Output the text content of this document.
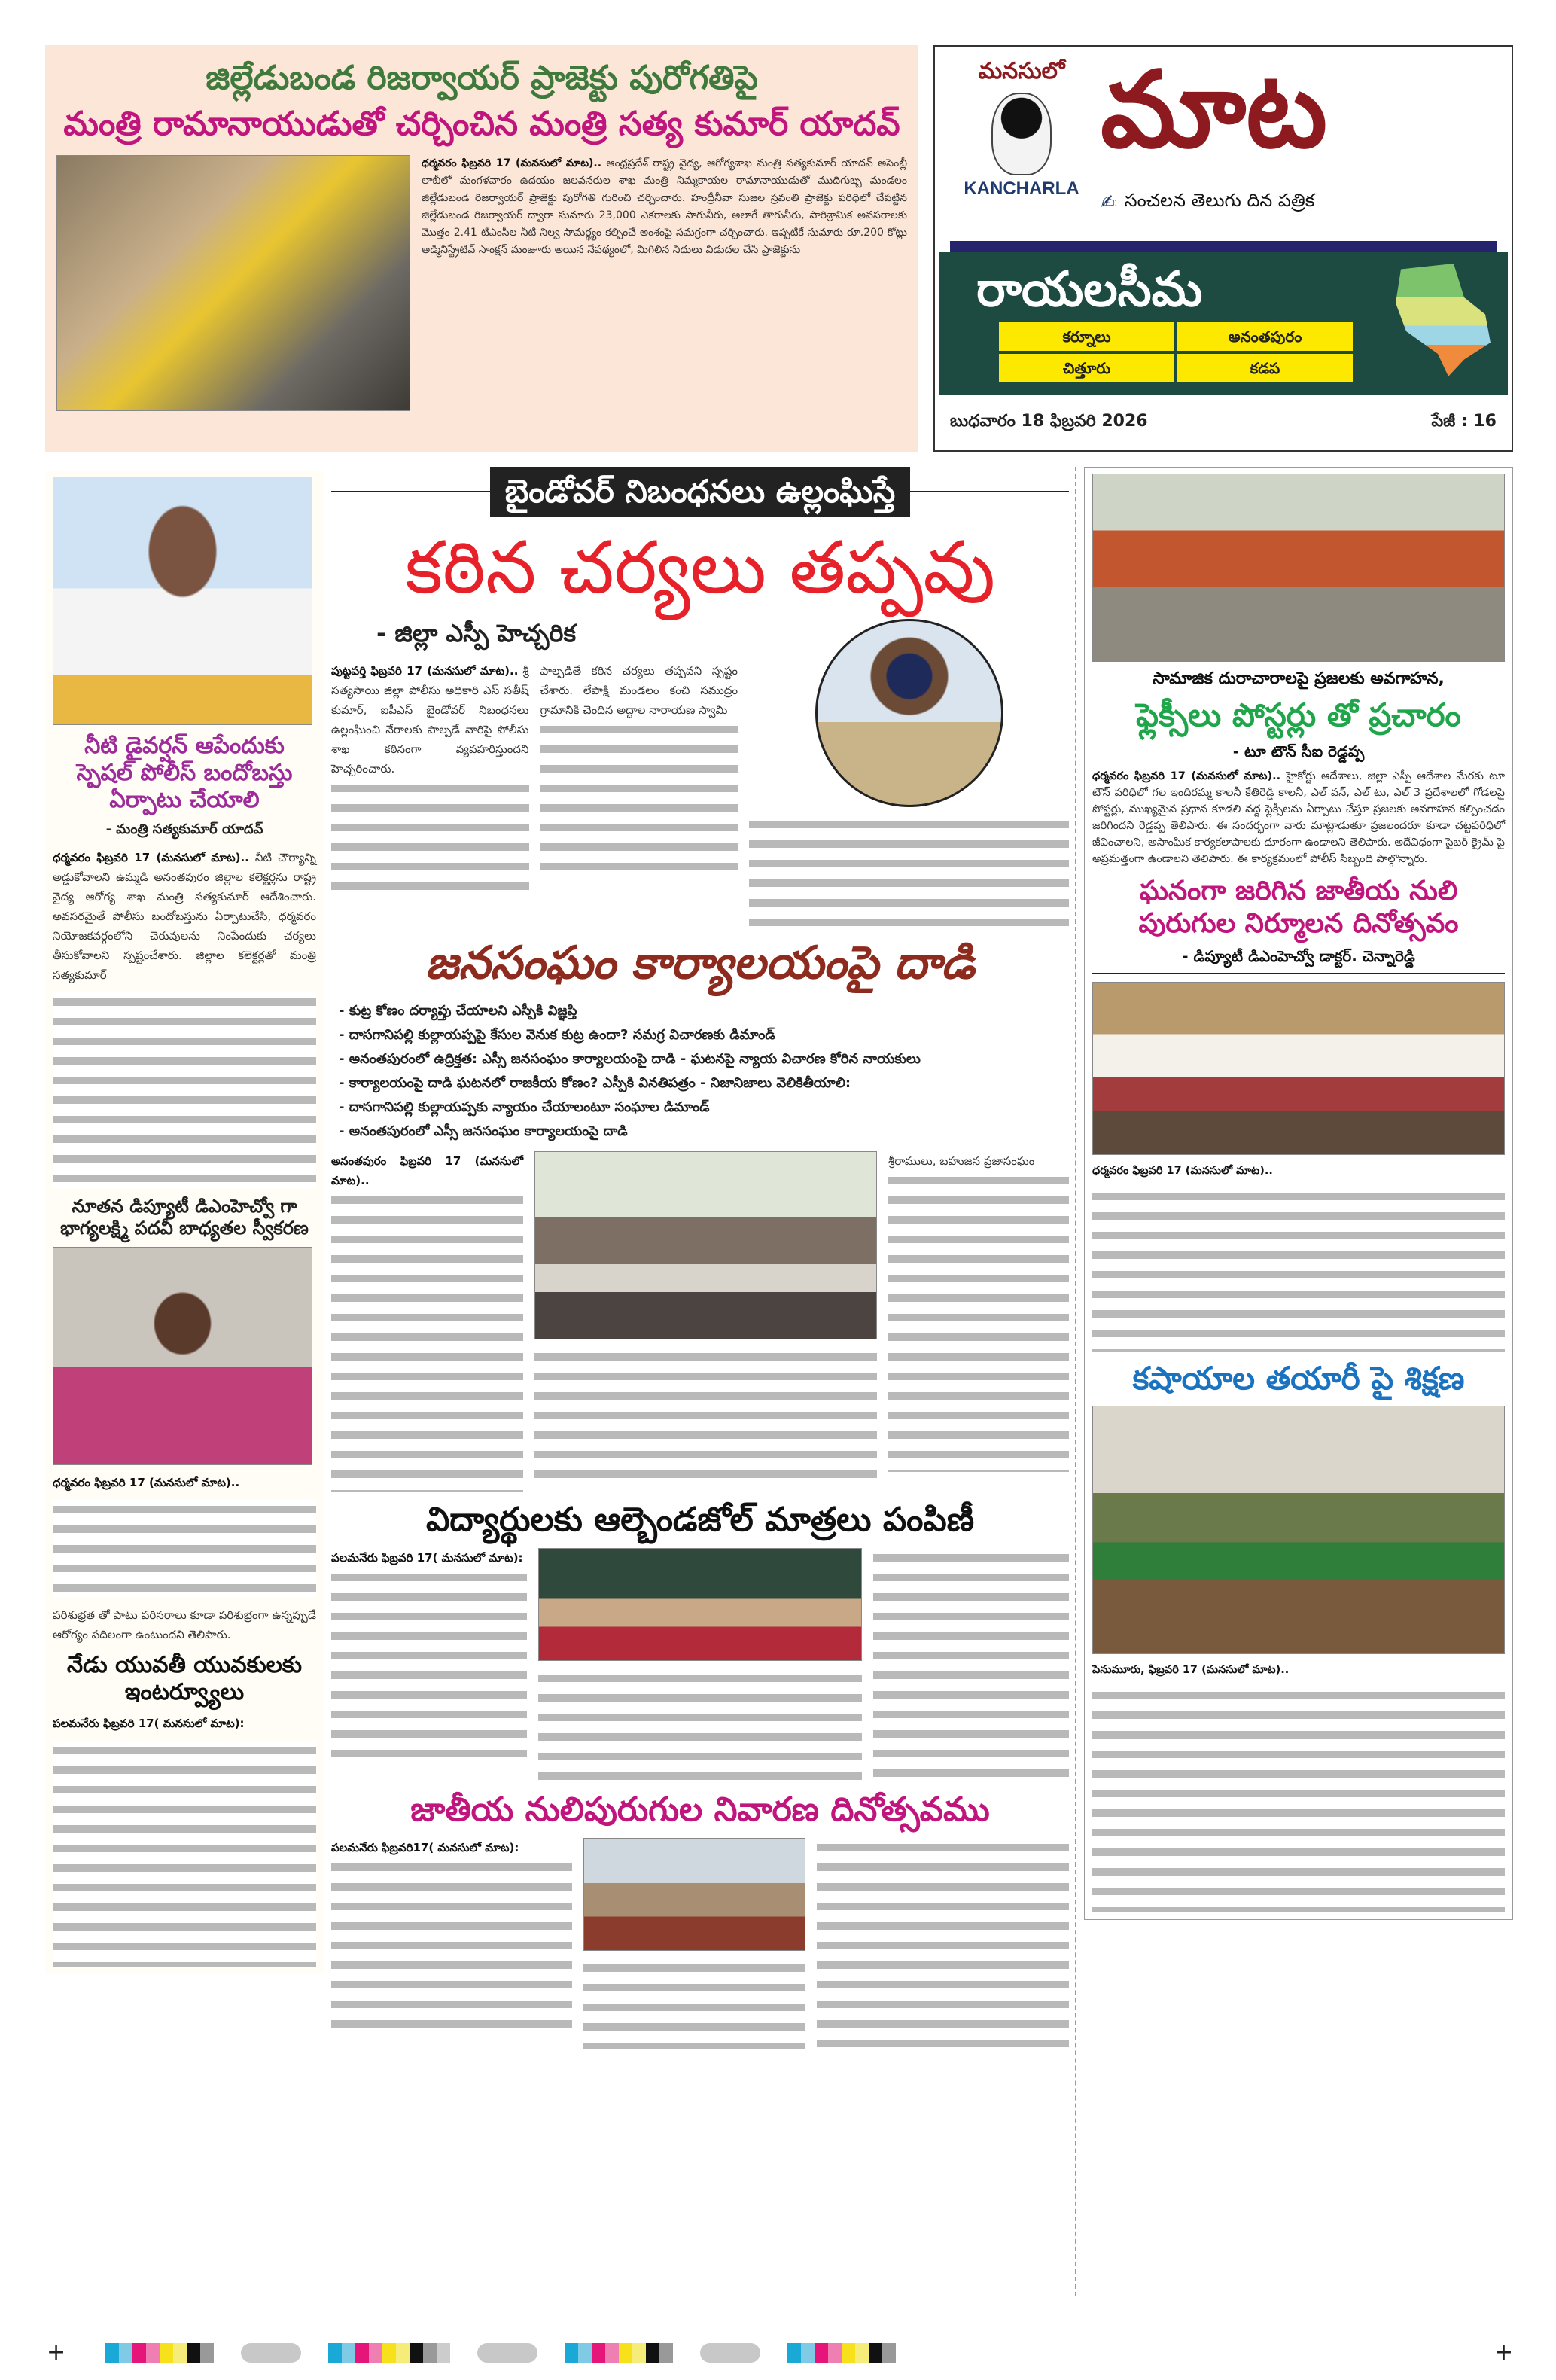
జిల్లేడుబండ రిజర్వాయర్ ప్రాజెక్టు పురోగతిపై
మంత్రి రామానాయుడుతో చర్చించిన మంత్రి సత్య కుమార్ యాదవ్
ధర్మవరం ఫిబ్రవరి 17 (మనసులో మాట).. ఆంధ్రప్రదేశ్ రాష్ట్ర వైద్య, ఆరోగ్యశాఖ మంత్రి సత్యకుమార్ యాదవ్ అసెంబ్లీ లాబీలో మంగళవారం ఉదయం జలవనరుల శాఖ మంత్రి నిమ్మకాయల రామానాయుడుతో ముదిగుబ్బ మండలం జిల్లేడుబండ రిజర్వాయర్ ప్రాజెక్టు పురోగతి గురించి చర్చించారు. హంద్రీనీవా సుజల స్రవంతి ప్రాజెక్టు పరిధిలో చేపట్టిన జిల్లేడుబండ రిజర్వాయర్ ద్వారా సుమారు 23,000 ఎకరాలకు సాగునీరు, అలాగే తాగునీరు, పారిశ్రామిక అవసరాలకు మొత్తం 2.41 టీఎంసీల నీటి నిల్వ సామర్థ్యం కల్పించే అంశంపై సమగ్రంగా చర్చించారు. ఇప్పటికే సుమారు రూ.200 కోట్లు అడ్మినిస్ట్రేటివ్ సాంక్షన్ మంజూరు అయిన నేపథ్యంలో, మిగిలిన నిధులు విడుదల చేసి ప్రాజెక్టును
మనసులో
KANCHARLA
మాట
✍ సంచలన తెలుగు దిన పత్రిక
రాయలసీమ
కర్నూలు	అనంతపురం
చిత్తూరు	కడప
బుధవారం 18 ఫిబ్రవరి 2026	పేజీ : 16
నీటి డైవర్షన్ ఆపేందుకు స్పెషల్ పోలీస్ బందోబస్తు ఏర్పాటు చేయాలి
- మంత్రి సత్యకుమార్ యాదవ్
ధర్మవరం ఫిబ్రవరి 17 (మనసులో మాట).. నీటి చౌర్యాన్ని అడ్డుకోవాలని ఉమ్మడి అనంతపురం జిల్లాల కలెక్టర్లను రాష్ట్ర వైద్య ఆరోగ్య శాఖ మంత్రి సత్యకుమార్ ఆదేశించారు. అవసరమైతే పోలీసు బందోబస్తును ఏర్పాటుచేసి, ధర్మవరం నియోజకవర్గంలోని చెరువులను నింపేందుకు చర్యలు తీసుకోవాలని స్పష్టంచేశారు. జిల్లాల కలెక్టర్లతో మంత్రి సత్యకుమార్
నూతన డిప్యూటీ డిఎంహెచ్వో గా భాగ్యలక్ష్మి పదవీ బాధ్యతల స్వీకరణ
ధర్మవరం ఫిబ్రవరి 17 (మనసులో మాట)..
పరిశుభ్రత తో పాటు పరిసరాలు కూడా పరిశుభ్రంగా ఉన్నప్పుడే ఆరోగ్యం పదిలంగా ఉంటుందని తెలిపారు.
నేడు యువతీ యువకులకు ఇంటర్వ్యూలు
పలమనేరు ఫిబ్రవరి 17( మనసులో మాట):
బైండోవర్ నిబంధనలు ఉల్లంఘిస్తే
కఠిన చర్యలు తప్పవు
- జిల్లా ఎస్పీ హెచ్చరిక
పుట్టపర్తి ఫిబ్రవరి 17 (మనసులో మాట).. శ్రీ సత్యసాయి జిల్లా పోలీసు అధికారి ఎస్ సతీష్ కుమార్, ఐపీఎస్ బైండోవర్ నిబంధనలు ఉల్లంఘించి నేరాలకు పాల్పడే వారిపై పోలీసు శాఖ కఠినంగా వ్యవహరిస్తుందని హెచ్చరించారు.
పాల్పడితే కఠిన చర్యలు తప్పవని స్పష్టం చేశారు. లేపాక్షి మండలం కంచి సముద్రం గ్రామానికి చెందిన అద్దాల నారాయణ స్వామి
జనసంఘం కార్యాలయంపై దాడి
- కుట్ర కోణం దర్యాప్తు చేయాలని ఎస్పీకి విజ్ఞప్తి
- దాసగానిపల్లి కుల్లాయప్పపై కేసుల వెనుక కుట్ర ఉందా? సమగ్ర విచారణకు డిమాండ్
- అనంతపురంలో ఉద్రిక్తత: ఎస్సీ జనసంఘం కార్యాలయంపై దాడి - ఘటనపై న్యాయ విచారణ కోరిన నాయకులు
- కార్యాలయంపై దాడి ఘటనలో రాజకీయ కోణం? ఎస్పీకి వినతిపత్రం - నిజానిజాలు వెలికితీయాలి:
- దాసగానిపల్లి కుల్లాయప్పకు న్యాయం చేయాలంటూ సంఘాల డిమాండ్
- అనంతపురంలో ఎస్సీ జనసంఘం కార్యాలయంపై దాడి
అనంతపురం ఫిబ్రవరి 17 (మనసులో మాట)..
శ్రీరాములు, బహుజన ప్రజాసంఘం
విద్యార్థులకు ఆల్బెండజోల్ మాత్రలు పంపిణీ
పలమనేరు ఫిబ్రవరి 17( మనసులో మాట):
జాతీయ నులిపురుగుల నివారణ దినోత్సవము
పలమనేరు ఫిబ్రవరి17( మనసులో మాట):
సామాజిక దురాచారాలపై ప్రజలకు అవగాహన,
ఫ్లెక్సీలు పోస్టర్లు తో ప్రచారం
- టూ టౌన్ సీఐ రెడ్డప్ప
ధర్మవరం ఫిబ్రవరి 17 (మనసులో మాట).. హైకోర్టు ఆదేశాలు, జిల్లా ఎస్పీ ఆదేశాల మేరకు టూ టౌన్ పరిధిలో గల ఇందిరమ్మ కాలనీ కేతిరెడ్డి కాలనీ, ఎల్ వన్, ఎల్ టు, ఎల్ 3 ప్రదేశాలలో గోడలపై పోస్టర్లు, ముఖ్యమైన ప్రధాన కూడలి వద్ద ఫ్లెక్సీలను ఏర్పాటు చేస్తూ ప్రజలకు అవగాహన కల్పించడం జరిగిందని రెడ్డప్ప తెలిపారు. ఈ సందర్భంగా వారు మాట్లాడుతూ ప్రజలందరూ కూడా చట్టపరిధిలో జీవించాలని, అసాంఘిక కార్యకలాపాలకు దూరంగా ఉండాలని తెలిపారు. అదేవిధంగా సైబర్ క్రైమ్ పై అప్రమత్తంగా ఉండాలని తెలిపారు. ఈ కార్యక్రమంలో పోలీస్ సిబ్బంది పాల్గొన్నారు.
ఘనంగా జరిగిన జాతీయ నులి పురుగుల నిర్మూలన దినోత్సవం
- డిప్యూటీ డిఎంహెచ్వో డాక్టర్. చెన్నారెడ్డి
ధర్మవరం ఫిబ్రవరి 17 (మనసులో మాట)..
కషాయాల తయారీ పై శిక్షణ
పెనుమూరు, ఫిబ్రవరి 17 (మనసులో మాట)..
+	+
